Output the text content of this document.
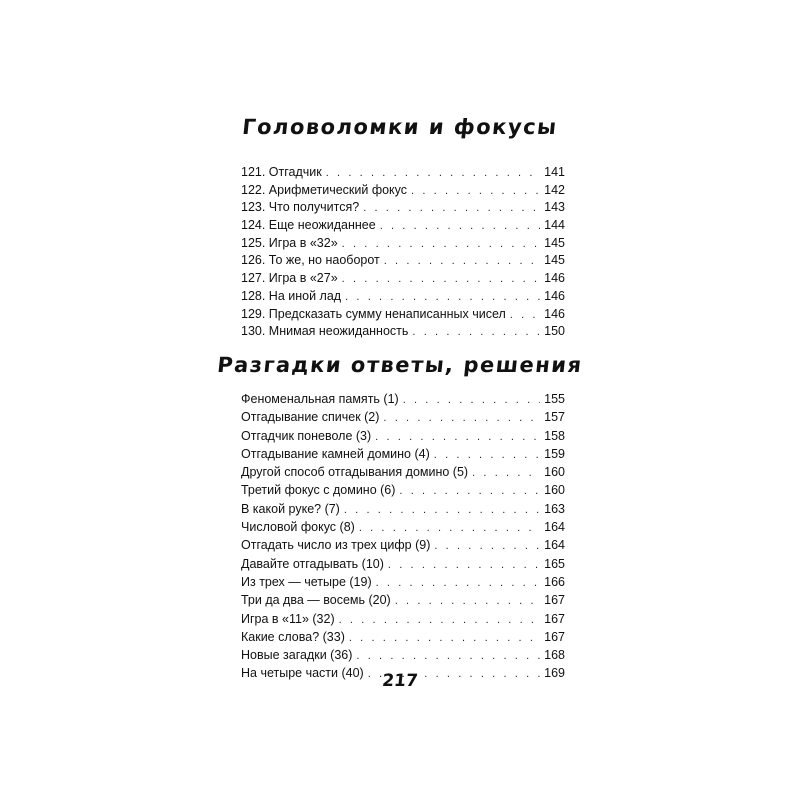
Головоломки и фокусы
121. Отгадчик . . .	141
122. Арифметический фокус . . .	142
123. Что получится? . . .	143
124. Еще неожиданнее . . .	144
125. Игра в «32» . . .	145
126. То же, но наоборот . . .	145
127. Игра в «27» . . .	146
128. На иной лад . . .	146
129. Предсказать сумму ненаписанных чисел . . .	146
130. Мнимая неожиданность . . .	150
Разгадки ответы, решения
Феноменальная память (1) . . .	155
Отгадывание спичек (2) . . .	157
Отгадчик поневоле (3) . . .	158
Отгадывание камней домино (4) . . .	159
Другой способ отгадывания домино (5) . . .	160
Третий фокус с домино (6) . . .	160
В какой руке? (7) . . .	163
Числовой фокус (8) . . .	164
Отгадать число из трех цифр (9) . . .	164
Давайте отгадывать (10) . . .	165
Из трех — четыре (19) . . .	166
Три да два — восемь (20) . . .	167
Игра в «11» (32) . . .	167
Какие слова? (33) . . .	167
Новые загадки (36) . . .	168
На четыре части (40) . . .	169
217
